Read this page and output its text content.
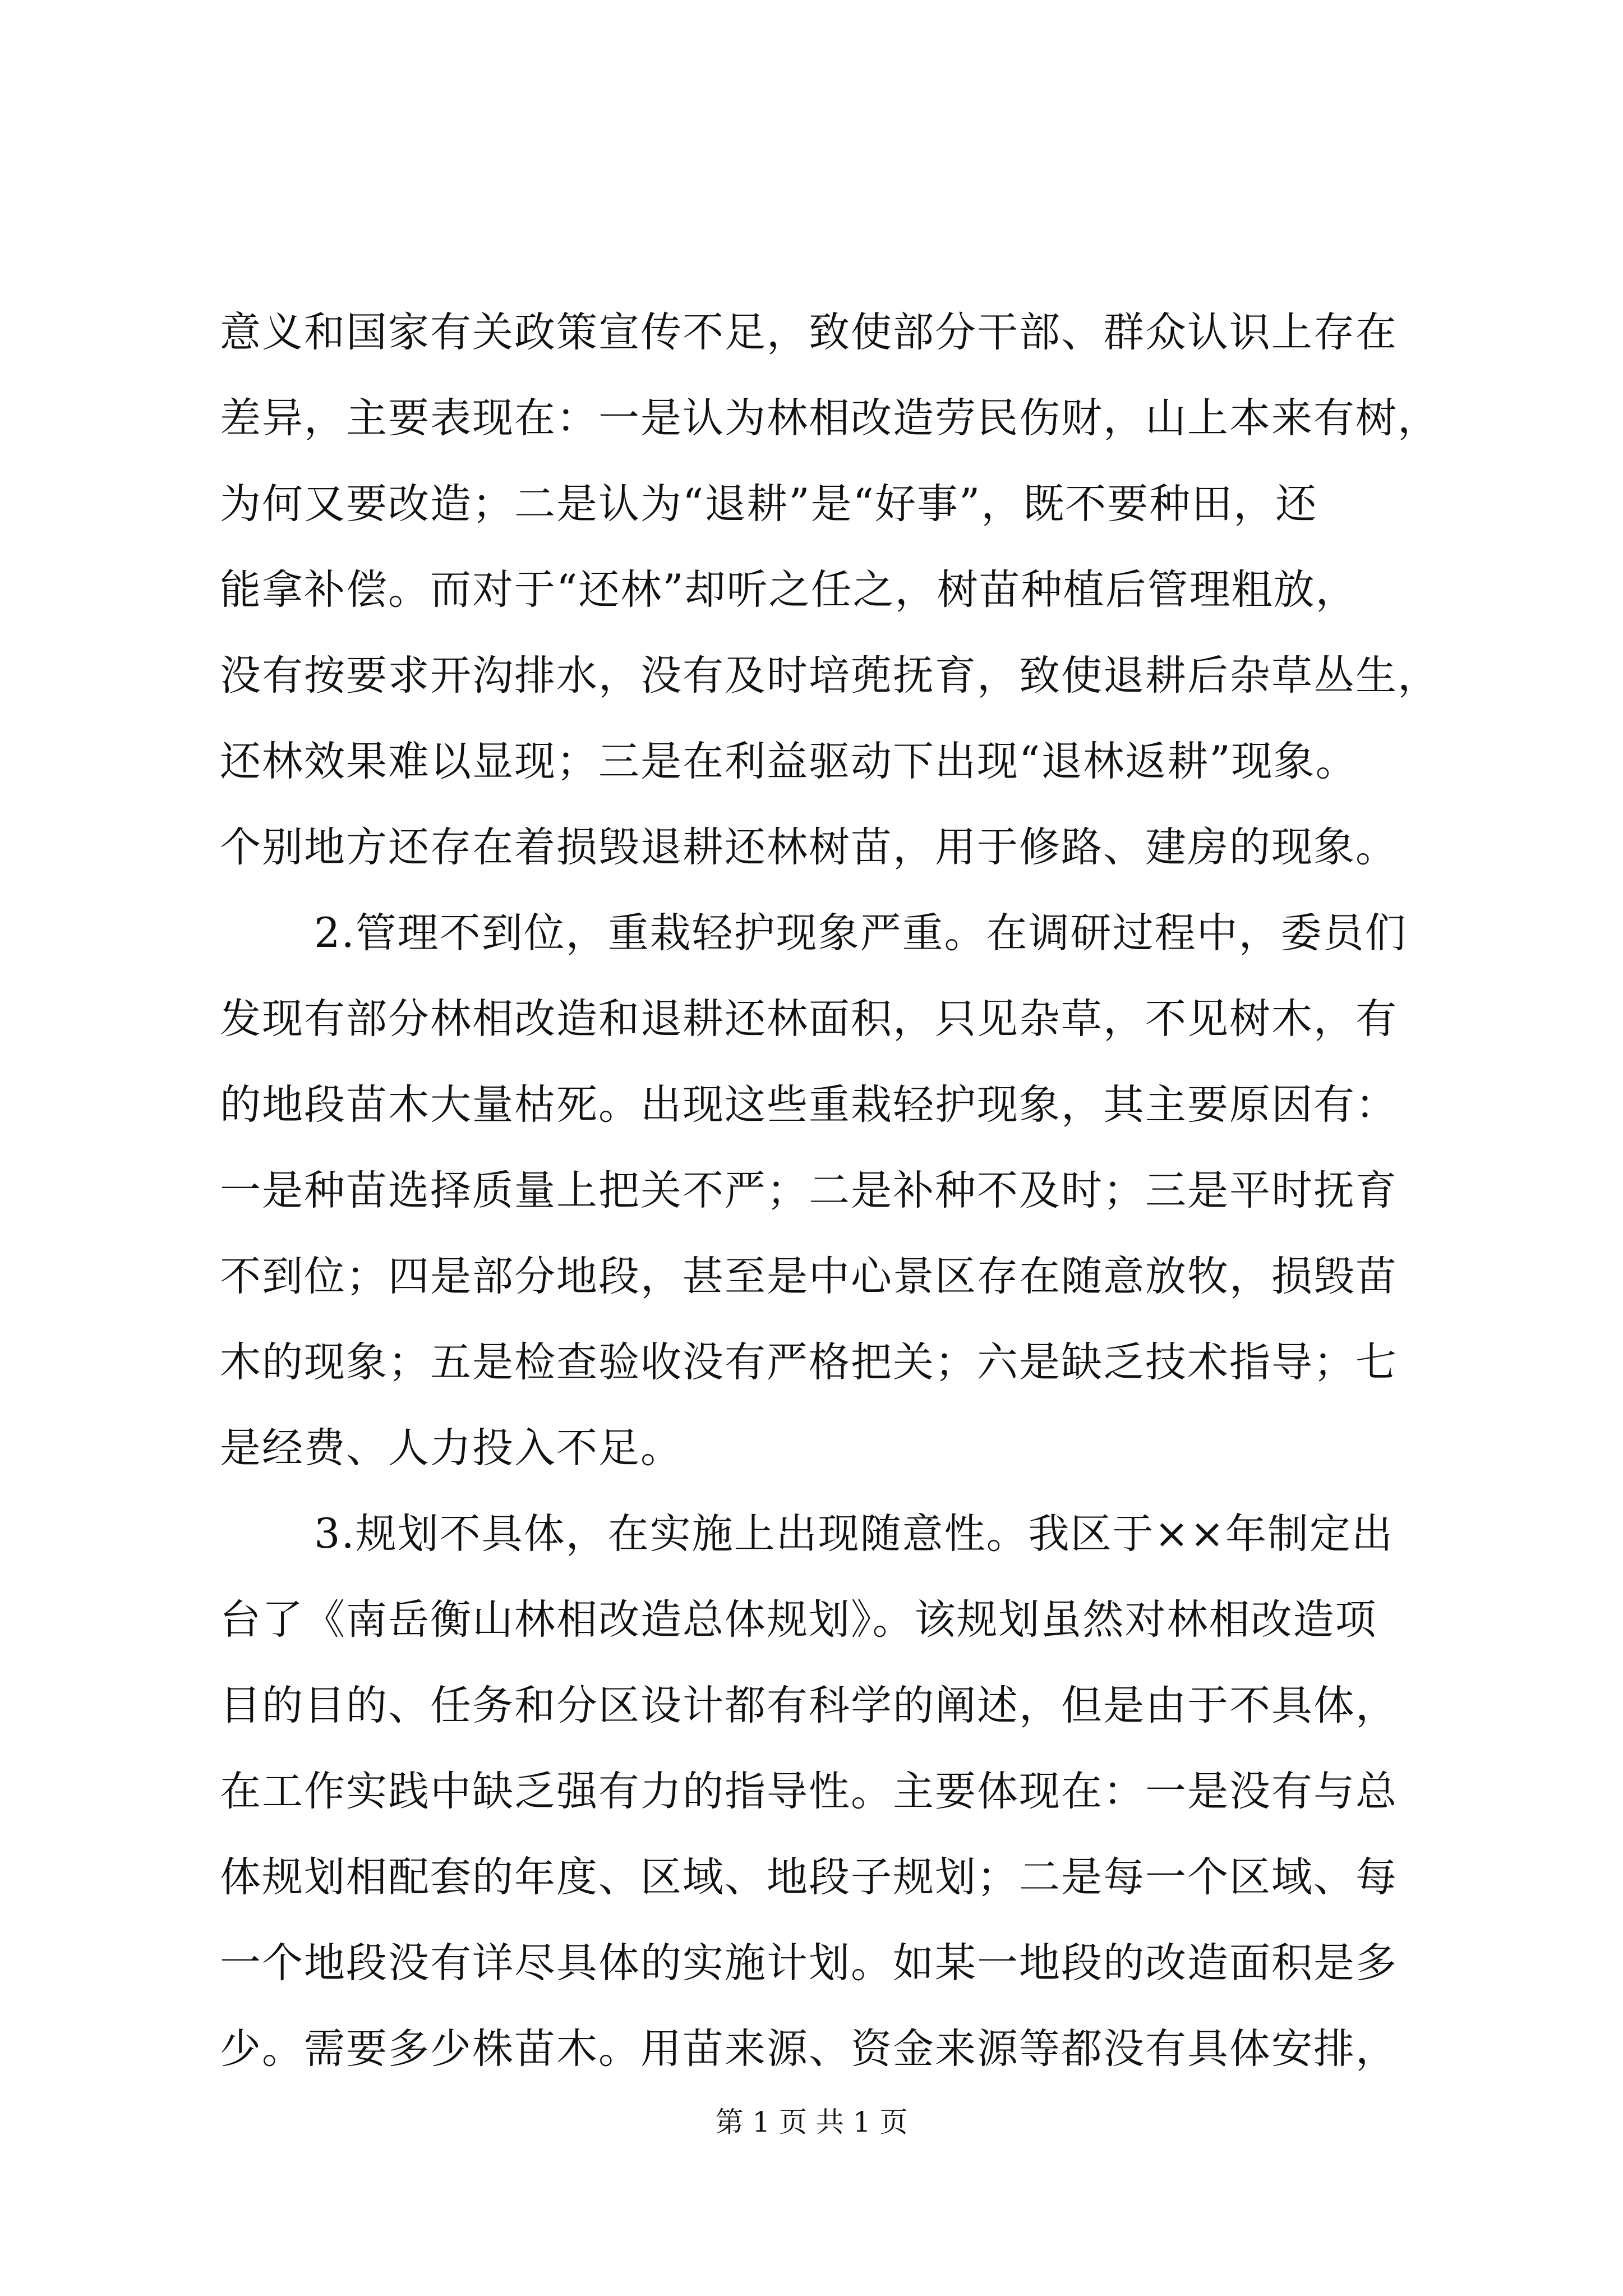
意义和国家有关政策宣传不足，致使部分干部、群众认识上存在
差异，主要表现在：一是认为林相改造劳民伤财，山上本来有树，
为何又要改造；二是认为“退耕”是“好事”，既不要种田，还
能拿补偿。而对于“还林”却听之任之，树苗种植后管理粗放，
没有按要求开沟排水，没有及时培蔸抚育，致使退耕后杂草丛生，
还林效果难以显现；三是在利益驱动下出现“退林返耕”现象。
个别地方还存在着损毁退耕还林树苗，用于修路、建房的现象。
2.管理不到位，重栽轻护现象严重。在调研过程中，委员们
发现有部分林相改造和退耕还林面积，只见杂草，不见树木，有
的地段苗木大量枯死。出现这些重栽轻护现象，其主要原因有：
一是种苗选择质量上把关不严；二是补种不及时；三是平时抚育
不到位；四是部分地段，甚至是中心景区存在随意放牧，损毁苗
木的现象；五是检查验收没有严格把关；六是缺乏技术指导；七
是经费、人力投入不足。
3.规划不具体，在实施上出现随意性。我区于××年制定出
台了《南岳衡山林相改造总体规划》。该规划虽然对林相改造项
目的目的、任务和分区设计都有科学的阐述，但是由于不具体，
在工作实践中缺乏强有力的指导性。主要体现在：一是没有与总
体规划相配套的年度、区域、地段子规划；二是每一个区域、每
一个地段没有详尽具体的实施计划。如某一地段的改造面积是多
少。需要多少株苗木。用苗来源、资金来源等都没有具体安排，
第 1 页 共 1 页
